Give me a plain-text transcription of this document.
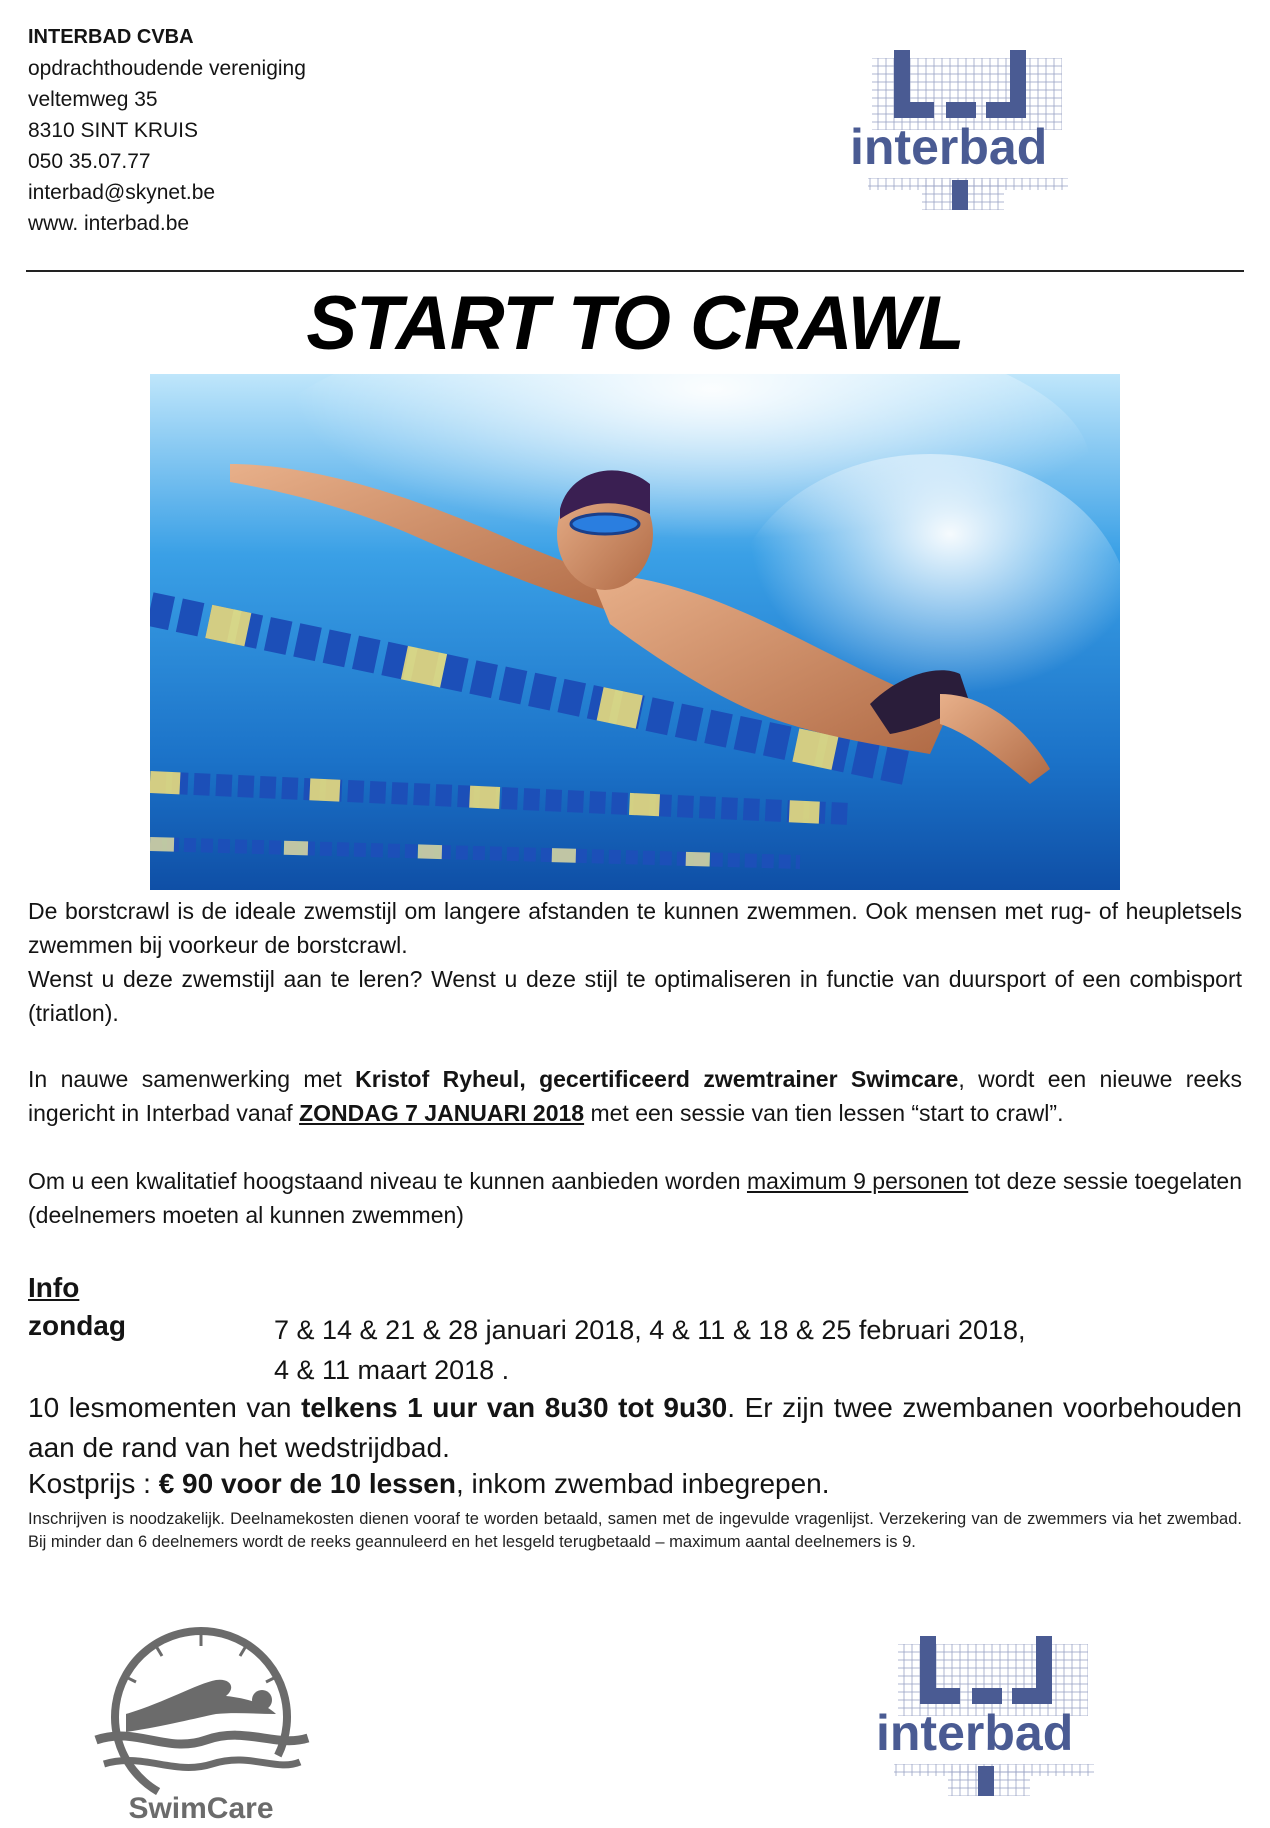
INTERBAD CVBA
opdrachthoudende vereniging
veltemweg 35
8310 SINT KRUIS
050 35.07.77
interbad@skynet.be
www. interbad.be
interbad
START TO CRAWL

De borstcrawl is de ideale zwemstijl om langere afstanden te kunnen zwemmen. Ook mensen met rug- of heupletsels zwemmen bij voorkeur de borstcrawl.

Wenst u deze zwemstijl aan te leren? Wenst u deze stijl te optimaliseren in functie van duursport of een combisport (triatlon).

In nauwe samenwerking met Kristof Ryheul, gecertificeerd zwemtrainer Swimcare, wordt een nieuwe reeks ingericht in Interbad vanaf ZONDAG 7 JANUARI 2018 met een sessie van tien lessen “start to crawl”.

Om u een kwalitatief hoogstaand niveau te kunnen aanbieden worden maximum 9 personen tot deze sessie toegelaten (deelnemers moeten al kunnen zwemmen)

Info
zondag	7 & 14 & 21 & 28 januari 2018, 4 & 11 & 18 & 25 februari 2018,
4 & 11 maart 2018 .
10 lesmomenten van telkens 1 uur van 8u30 tot 9u30. Er zijn twee zwembanen voorbehouden aan de rand van het wedstrijdbad.
Kostprijs : € 90 voor de 10 lessen, inkom zwembad inbegrepen.
Inschrijven is noodzakelijk. Deelnamekosten dienen vooraf te worden betaald, samen met de ingevulde vragenlijst. Verzekering van de zwemmers via het zwembad. Bij minder dan 6 deelnemers wordt de reeks geannuleerd en het lesgeld terugbetaald – maximum aantal deelnemers is 9.
SwimCare
interbad
